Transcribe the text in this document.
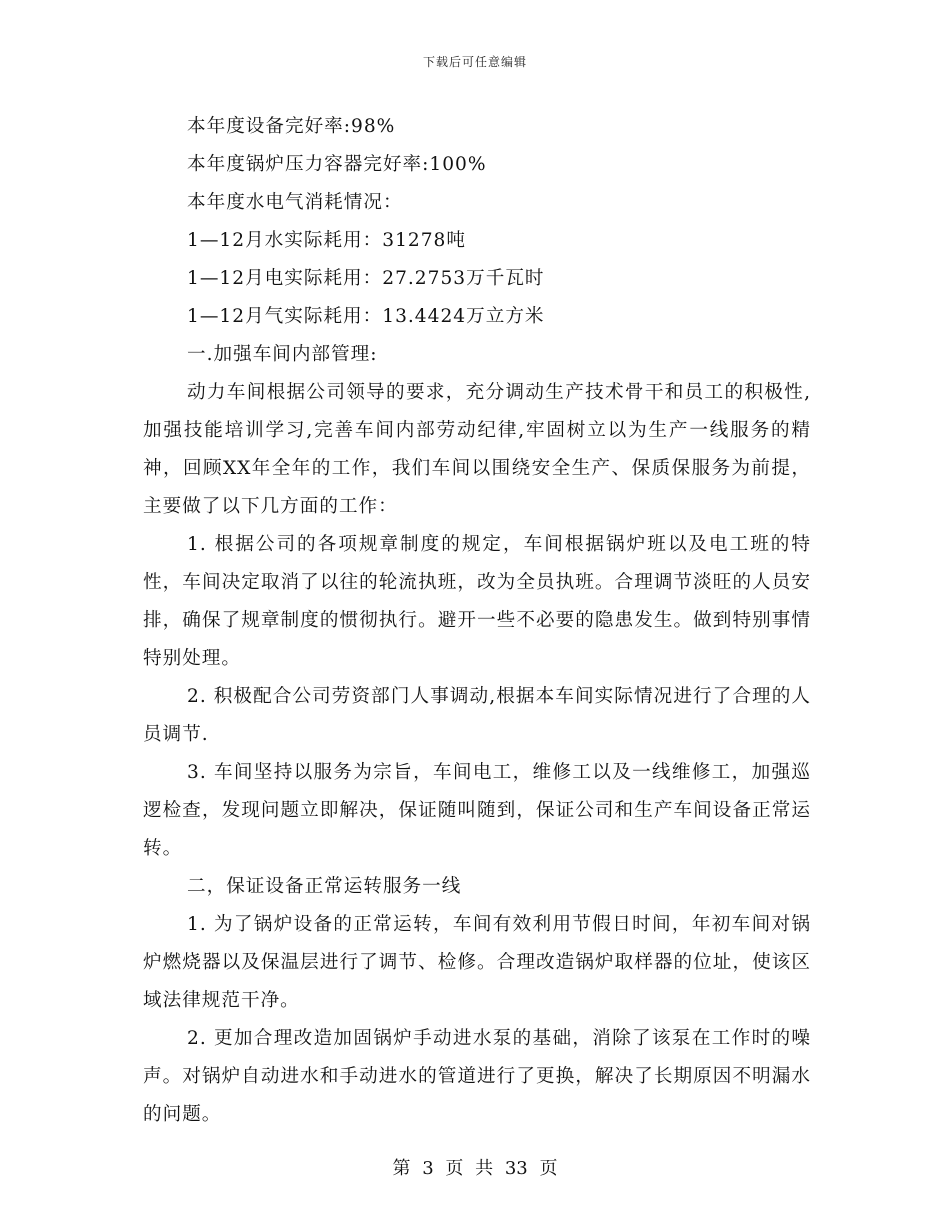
下载后可任意编辑
本年度设备完好率:98%
本年度锅炉压力容器完好率:100%
本年度水电气消耗情况：
1—12月水实际耗用：31278吨
1—12月电实际耗用：27.2753万千瓦时
1—12月气实际耗用：13.4424万立方米
一.加强车间内部管理:

动力车间根据公司领导的要求，充分调动生产技术骨干和员工的积极性,加强技能培训学习,完善车间内部劳动纪律,牢固树立以为生产一线服务的精神，回顾XX年全年的工作，我们车间以围绕安全生产、保质保服务为前提，主要做了以下几方面的工作：

1. 根据公司的各项规章制度的规定，车间根据锅炉班以及电工班的特性，车间决定取消了以往的轮流执班，改为全员执班。合理调节淡旺的人员安排，确保了规章制度的惯彻执行。避开一些不必要的隐患发生。做到特别事情特别处理。

2. 积极配合公司劳资部门人事调动,根据本车间实际情况进行了合理的人员调节.

3. 车间坚持以服务为宗旨，车间电工，维修工以及一线维修工，加强巡逻检查，发现问题立即解决，保证随叫随到，保证公司和生产车间设备正常运转。

二，保证设备正常运转服务一线

1. 为了锅炉设备的正常运转，车间有效利用节假日时间，年初车间对锅炉燃烧器以及保温层进行了调节、检修。合理改造锅炉取样器的位址，使该区域法律规范干净。

2. 更加合理改造加固锅炉手动进水泵的基础，消除了该泵在工作时的噪声。对锅炉自动进水和手动进水的管道进行了更换，解决了长期原因不明漏水的问题。

第 3 页 共 33 页
